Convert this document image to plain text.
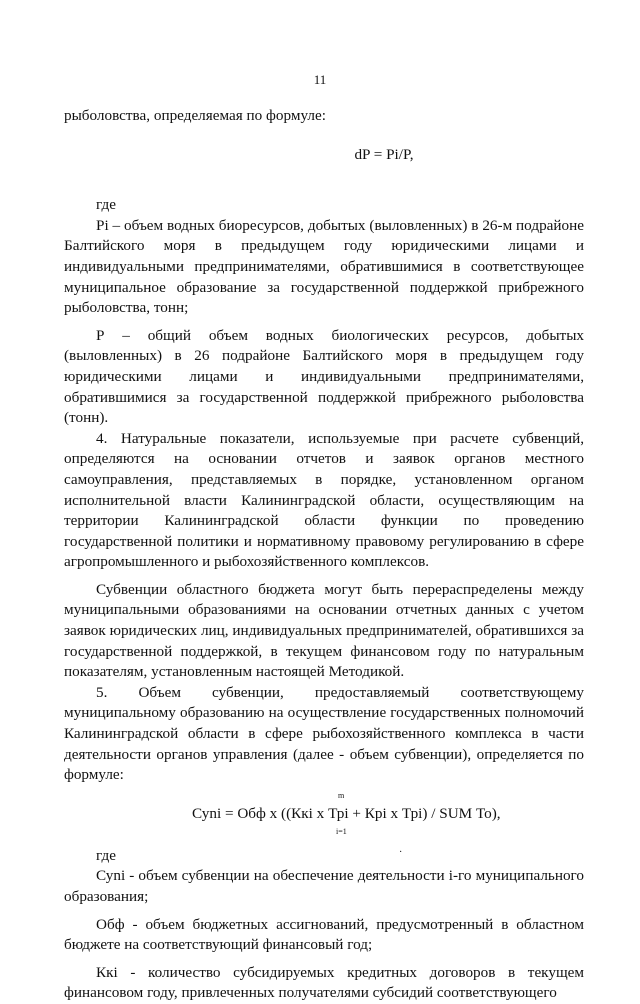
11

рыболовства, определяемая по формуле:

dP = Pi/P,

где

Pi – объем водных биоресурсов, добытых (выловленных) в 26-м подрайоне Балтийского моря в предыдущем году юридическими лицами и индивидуальными предпринимателями, обратившимися в соответствующее муниципальное образование за государственной поддержкой прибрежного рыболовства, тонн;

Р – общий объем водных биологических ресурсов, добытых (выловленных) в 26 подрайоне Балтийского моря в предыдущем году юридическими лицами и индивидуальными предпринимателями, обратившимися за государственной поддержкой прибрежного рыболовства (тонн).

4. Натуральные показатели, используемые при расчете субвенций, определяются на основании отчетов и заявок органов местного самоуправления, представляемых в порядке, установленном органом исполнительной власти Калининградской области, осуществляющим на территории Калининградской области функции по проведению государственной политики и нормативному правовому регулированию в сфере агропромышленного и рыбохозяйственного комплексов.

Субвенции областного бюджета могут быть перераспределены между муниципальными образованиями на основании отчетных данных с учетом заявок юридических лиц, индивидуальных предпринимателей, обратившихся за государственной поддержкой, в текущем финансовом году по натуральным показателям, установленным настоящей Методикой.

5. Объем субвенции, предоставляемый соответствующему муниципальному образованию на осуществление государственных полномочий Калининградской области в сфере рыбохозяйственного комплекса в части деятельности органов управления (далее - объем субвенции), определяется по формуле:

m
Суni = Обф х ((Ккі х Трі + Крі х Трі) / SUM То),
i=1

где

Суni - объем субвенции на обеспечение деятельности i-го муниципального образования;

Обф - объем бюджетных ассигнований, предусмотренный в областном бюджете на соответствующий финансовый год;

Ккі - количество субсидируемых кредитных договоров в текущем финансовом году, привлеченных получателями субсидий соответствующего

·
